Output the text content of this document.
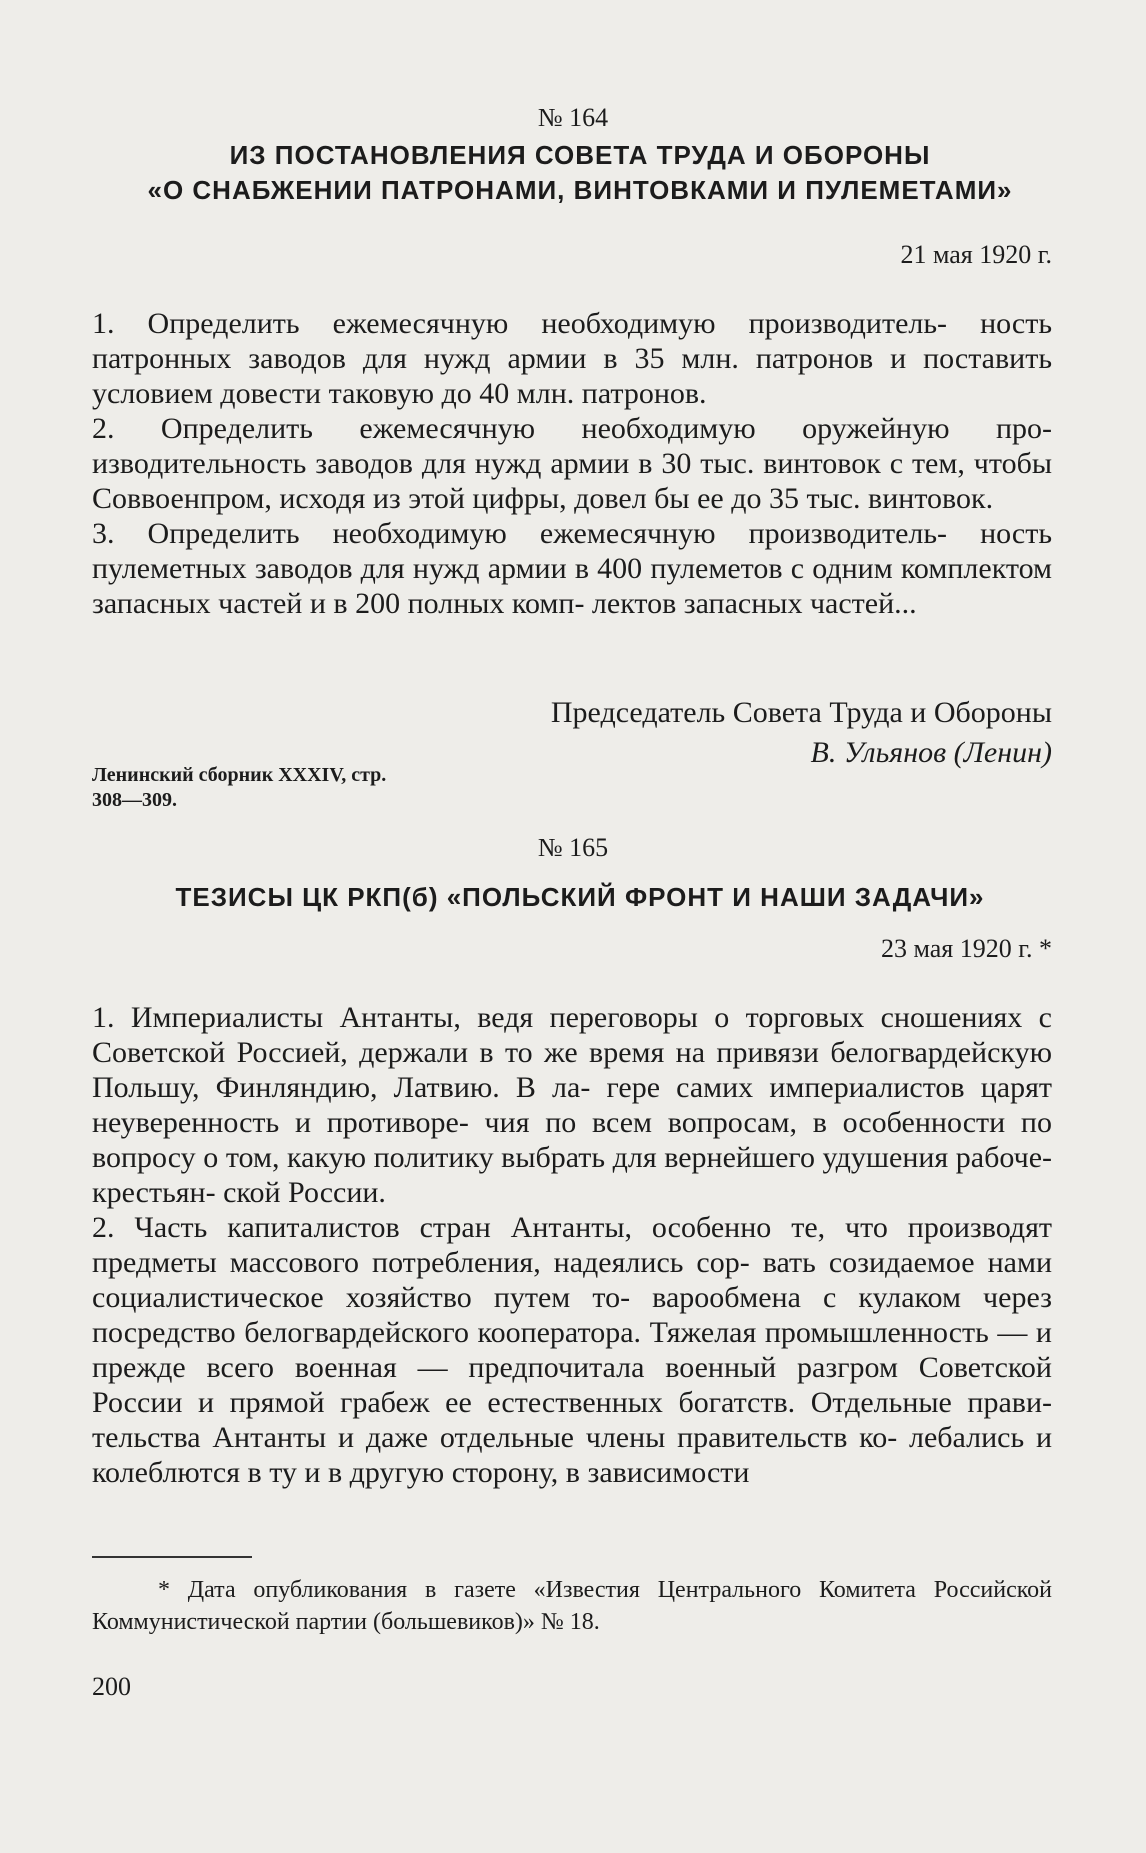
№ 164
ИЗ ПОСТАНОВЛЕНИЯ СОВЕТА ТРУДА И ОБОРОНЫ
«О СНАБЖЕНИИ ПАТРОНАМИ, ВИНТОВКАМИ И ПУЛЕМЕТАМИ»
21 мая 1920 г.

1. Определить ежемесячную необходимую производитель- ность патронных заводов для нужд армии в 35 млн. патронов и поставить условием довести таковую до 40 млн. патронов.

2. Определить ежемесячную необходимую оружейную про- изводительность заводов для нужд армии в 30 тыс. винтовок с тем, чтобы Соввоенпром, исходя из этой цифры, довел бы ее до 35 тыс. винтовок.

3. Определить необходимую ежемесячную производитель- ность пулеметных заводов для нужд армии в 400 пулеметов с одним комплектом запасных частей и в 200 полных комп- лектов запасных частей...

Председатель Совета Труда и Обороны
В. Ульянов (Ленин)
Ленинский сборник XXXIV, стр.
308—309.
№ 165
ТЕЗИСЫ ЦК РКП(б) «ПОЛЬСКИЙ ФРОНТ И НАШИ ЗАДАЧИ»
23 мая 1920 г. *

1. Империалисты Антанты, ведя переговоры о торговых сношениях с Советской Россией, держали в то же время на привязи белогвардейскую Польшу, Финляндию, Латвию. В ла- гере самих империалистов царят неуверенность и противоре- чия по всем вопросам, в особенности по вопросу о том, какую политику выбрать для вернейшего удушения рабоче-крестьян- ской России.

2. Часть капиталистов стран Антанты, особенно те, что производят предметы массового потребления, надеялись сор- вать созидаемое нами социалистическое хозяйство путем то- варообмена с кулаком через посредство белогвардейского кооператора. Тяжелая промышленность — и прежде всего военная — предпочитала военный разгром Советской России и прямой грабеж ее естественных богатств. Отдельные прави- тельства Антанты и даже отдельные члены правительств ко- лебались и колеблются в ту и в другую сторону, в зависимости

* Дата опубликования в газете «Известия Центрального Комитета Российской Коммунистической партии (большевиков)» № 18.

200
